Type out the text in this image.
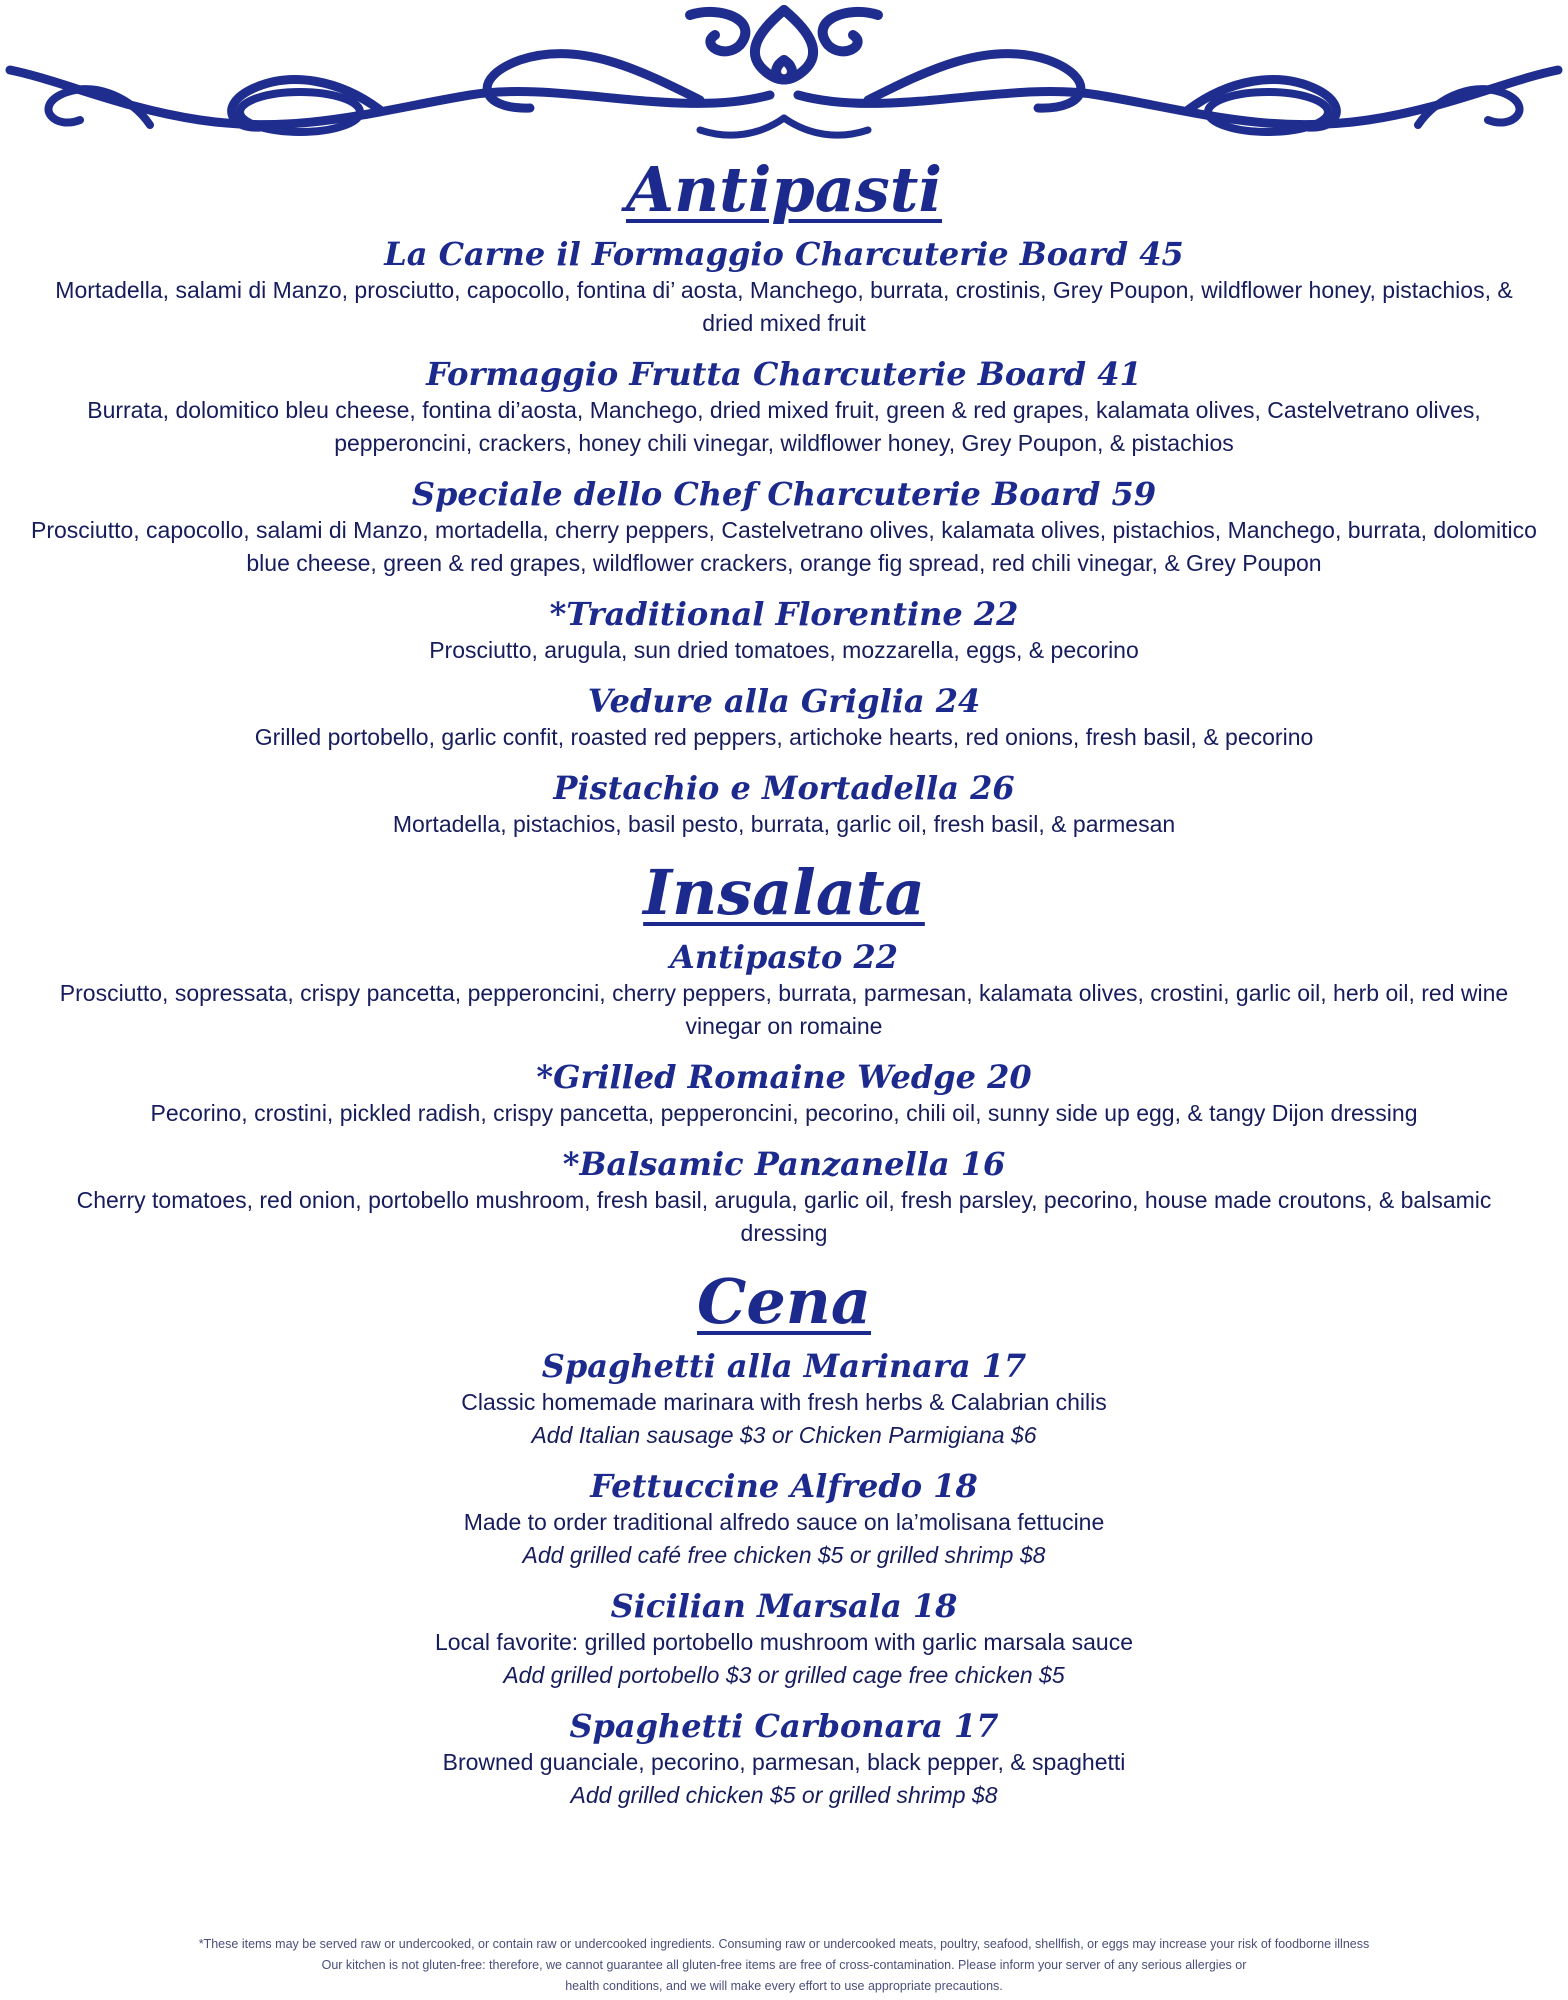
Antipasti
La Carne il Formaggio Charcuterie Board 45
Mortadella, salami di Manzo, prosciutto, capocollo, fontina di’ aosta, Manchego, burrata, crostinis, Grey Poupon, wildflower honey, pistachios, & dried mixed fruit
Formaggio Frutta Charcuterie Board 41
Burrata, dolomitico bleu cheese, fontina di’aosta, Manchego, dried mixed fruit, green & red grapes, kalamata olives, Castelvetrano olives, pepperoncini, crackers, honey chili vinegar, wildflower honey, Grey Poupon, & pistachios
Speciale dello Chef Charcuterie Board 59
Prosciutto, capocollo, salami di Manzo, mortadella, cherry peppers, Castelvetrano olives, kalamata olives, pistachios, Manchego, burrata, dolomitico blue cheese, green & red grapes, wildflower crackers, orange fig spread, red chili vinegar, & Grey Poupon
*Traditional Florentine 22
Prosciutto, arugula, sun dried tomatoes, mozzarella, eggs, & pecorino
Vedure alla Griglia 24
Grilled portobello, garlic confit, roasted red peppers, artichoke hearts, red onions, fresh basil, & pecorino
Pistachio e Mortadella 26
Mortadella, pistachios, basil pesto, burrata, garlic oil, fresh basil, & parmesan
Insalata
Antipasto 22
Prosciutto, sopressata, crispy pancetta, pepperoncini, cherry peppers, burrata, parmesan, kalamata olives, crostini, garlic oil, herb oil, red wine vinegar on romaine
*Grilled Romaine Wedge 20
Pecorino, crostini, pickled radish, crispy pancetta, pepperoncini, pecorino, chili oil, sunny side up egg, & tangy Dijon dressing
*Balsamic Panzanella 16
Cherry tomatoes, red onion, portobello mushroom, fresh basil, arugula, garlic oil, fresh parsley, pecorino, house made croutons, & balsamic dressing
Cena
Spaghetti alla Marinara 17
Classic homemade marinara with fresh herbs & Calabrian chilis
Add Italian sausage $3 or Chicken Parmigiana $6
Fettuccine Alfredo 18
Made to order traditional alfredo sauce on la’molisana fettucine
Add grilled café free chicken $5 or grilled shrimp $8
Sicilian Marsala 18
Local favorite: grilled portobello mushroom with garlic marsala sauce
Add grilled portobello $3 or grilled cage free chicken $5
Spaghetti Carbonara 17
Browned guanciale, pecorino, parmesan, black pepper, & spaghetti
Add grilled chicken $5 or grilled shrimp $8
*These items may be served raw or undercooked, or contain raw or undercooked ingredients. Consuming raw or undercooked meats, poultry, seafood, shellfish, or eggs may increase your risk of foodborne illness
Our kitchen is not gluten-free: therefore, we cannot guarantee all gluten-free items are free of cross-contamination. Please inform your server of any serious allergies or
health conditions, and we will make every effort to use appropriate precautions.
